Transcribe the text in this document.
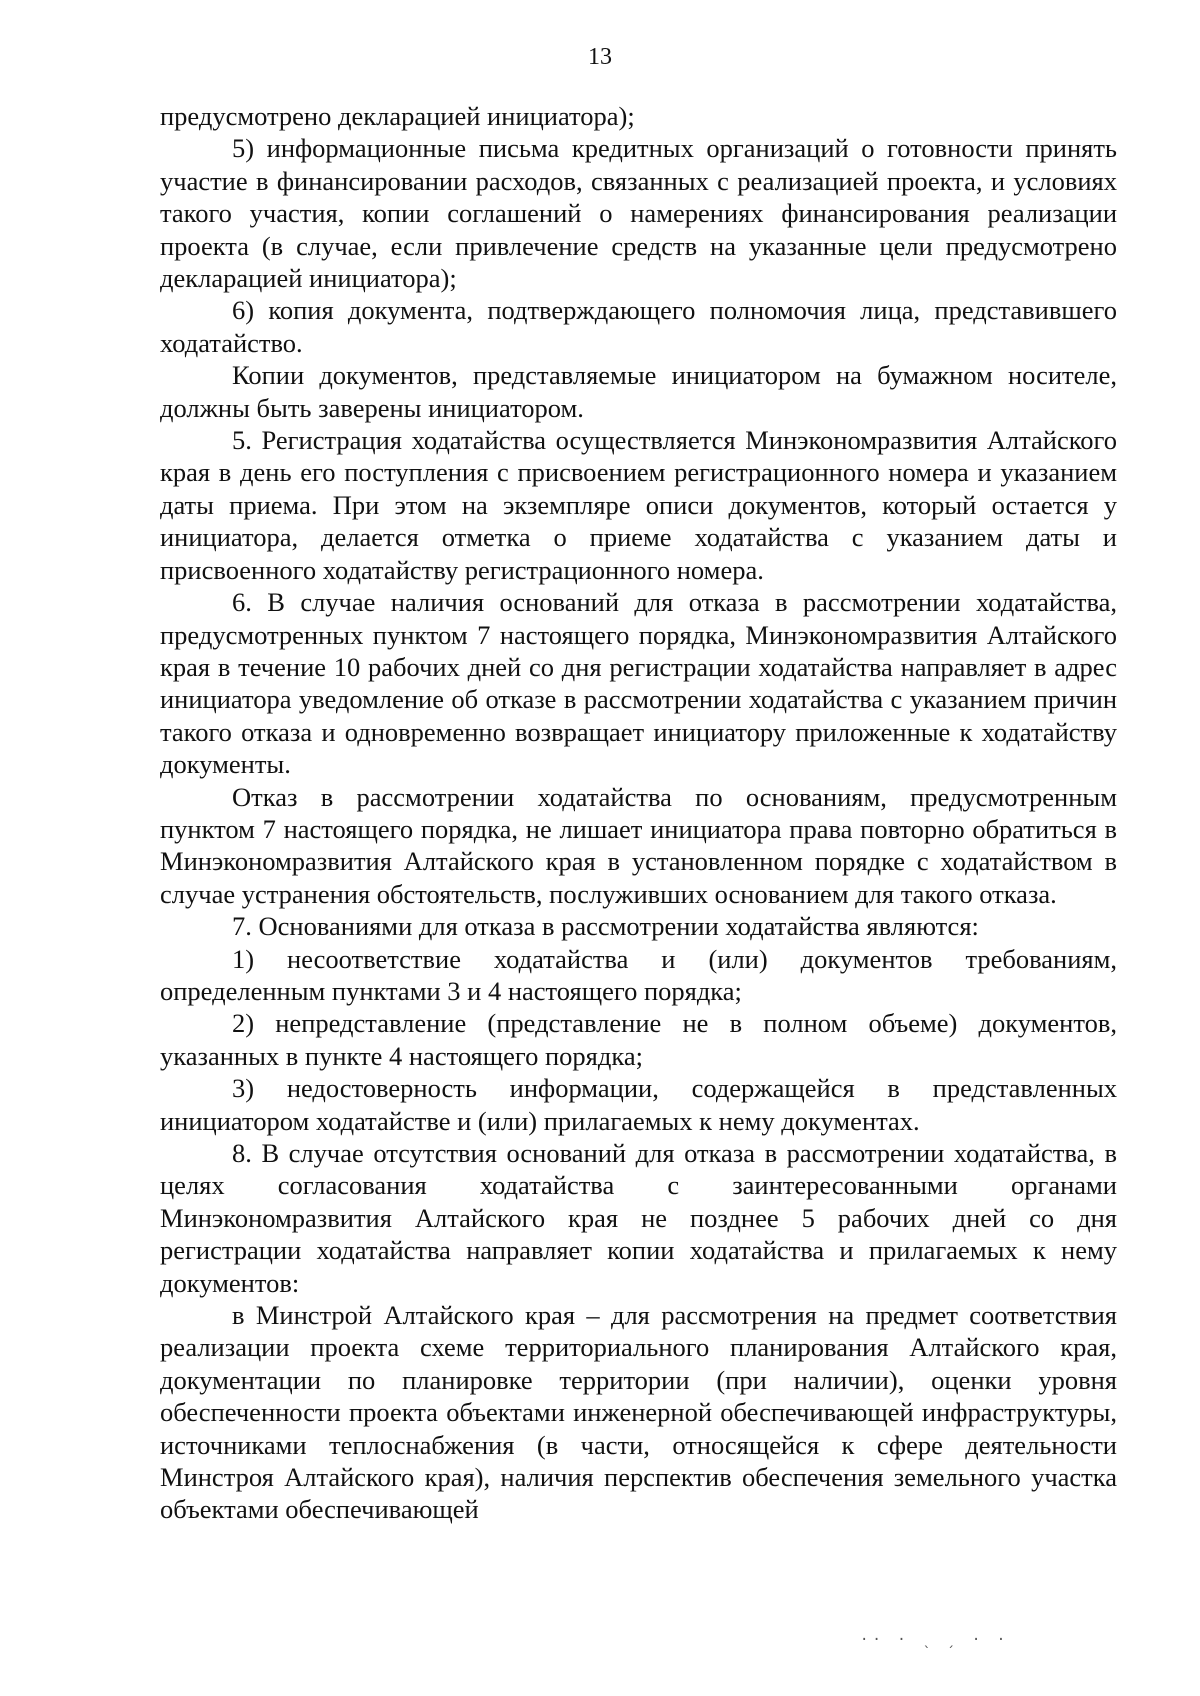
13

предусмотрено декларацией инициатора);

5) информационные письма кредитных организаций о готовности принять участие в финансировании расходов, связанных с реализацией проекта, и условиях такого участия, копии соглашений о намерениях финансирования реализации проекта (в случае, если привлечение средств на указанные цели предусмотрено декларацией инициатора);

6) копия документа, подтверждающего полномочия лица, представившего ходатайство.

Копии документов, представляемые инициатором на бумажном носителе, должны быть заверены инициатором.

5. Регистрация ходатайства осуществляется Минэкономразвития Алтайского края в день его поступления с присвоением регистрационного номера и указанием даты приема. При этом на экземпляре описи документов, который остается у инициатора, делается отметка о приеме ходатайства с указанием даты и присвоенного ходатайству регистрационного номера.

6. В случае наличия оснований для отказа в рассмотрении ходатайства, предусмотренных пунктом 7 настоящего порядка, Минэкономразвития Алтайского края в течение 10 рабочих дней со дня регистрации ходатайства направляет в адрес инициатора уведомление об отказе в рассмотрении ходатайства с указанием причин такого отказа и одновременно возвращает инициатору приложенные к ходатайству документы.

Отказ в рассмотрении ходатайства по основаниям, предусмотренным пунктом 7 настоящего порядка, не лишает инициатора права повторно обратиться в Минэкономразвития Алтайского края в установленном порядке с ходатайством в случае устранения обстоятельств, послуживших основанием для такого отказа.

7. Основаниями для отказа в рассмотрении ходатайства являются:

1) несоответствие ходатайства и (или) документов требованиям, определенным пунктами 3 и 4 настоящего порядка;

2) непредставление (представление не в полном объеме) документов, указанных в пункте 4 настоящего порядка;

3) недостоверность информации, содержащейся в представленных инициатором ходатайстве и (или) прилагаемых к нему документах.

8. В случае отсутствия оснований для отказа в рассмотрении ходатайства, в целях согласования ходатайства с заинтересованными органами Минэкономразвития Алтайского края не позднее 5 рабочих дней со дня регистрации ходатайства направляет копии ходатайства и прилагаемых к нему документов:

в Минстрой Алтайского края – для рассмотрения на предмет соответствия реализации проекта схеме территориального планирования Алтайского края, документации по планировке территории (при наличии), оценки уровня обеспеченности проекта объектами инженерной обеспечивающей инфраструктуры, источниками теплоснабжения (в части, относящейся к сфере деятельности Минстроя Алтайского края), наличия перспектив обеспечения земельного участка объектами обеспечивающей

·· · ˎ ˏ · ·
